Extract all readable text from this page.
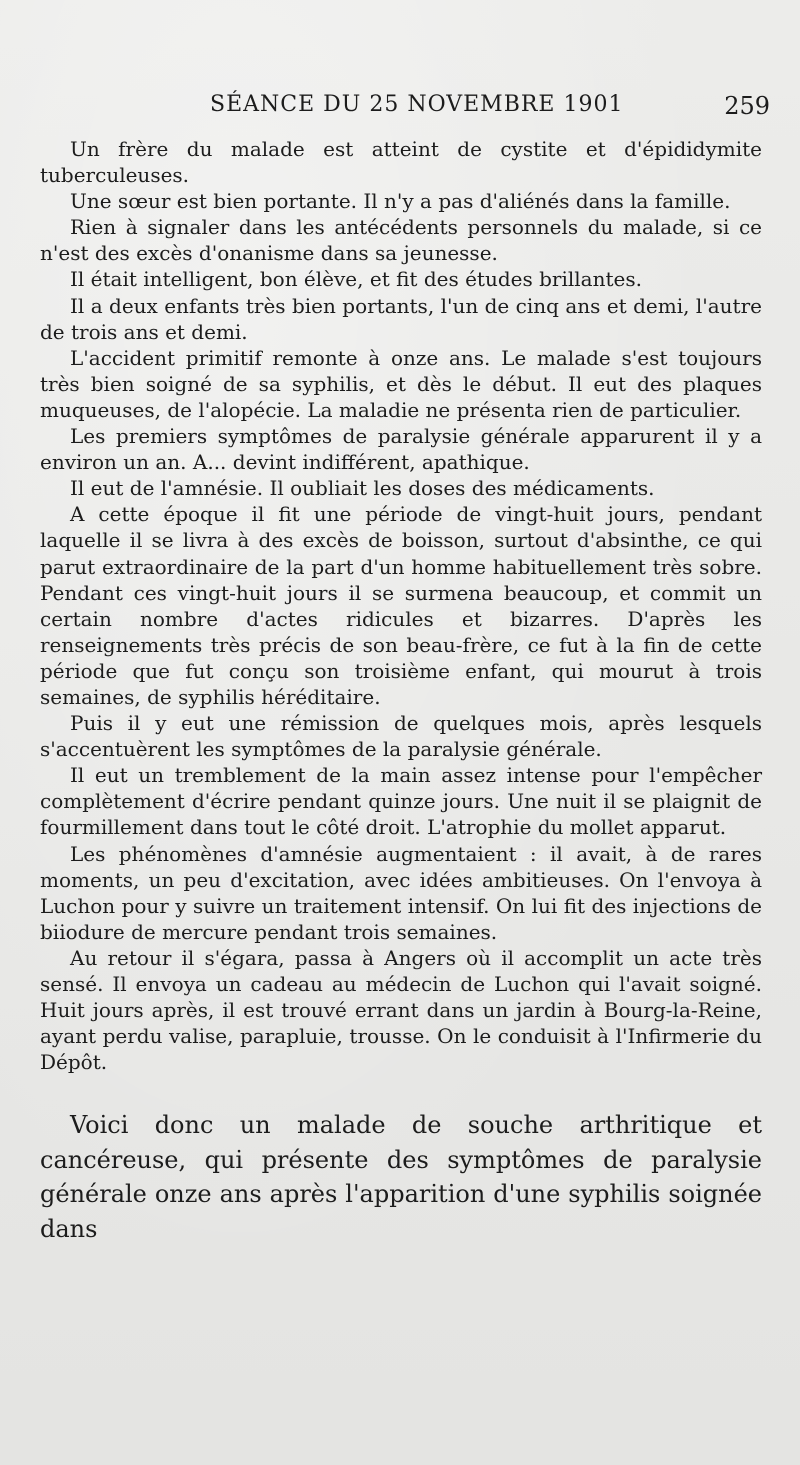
SÉANCE DU 25 NOVEMBRE 1901	259

Un frère du malade est atteint de cystite et d'épididymite tuberculeuses.

Une sœur est bien portante. Il n'y a pas d'aliénés dans la famille.

Rien à signaler dans les antécédents personnels du malade, si ce n'est des excès d'onanisme dans sa jeunesse.

Il était intelligent, bon élève, et fit des études brillantes.

Il a deux enfants très bien portants, l'un de cinq ans et demi, l'autre de trois ans et demi.

L'accident primitif remonte à onze ans. Le malade s'est toujours très bien soigné de sa syphilis, et dès le début. Il eut des plaques muqueuses, de l'alopécie. La maladie ne présenta rien de particulier.

Les premiers symptômes de paralysie générale apparurent il y a environ un an. A... devint indifférent, apathique.

Il eut de l'amnésie. Il oubliait les doses des médicaments.

A cette époque il fit une période de vingt-huit jours, pendant laquelle il se livra à des excès de boisson, surtout d'absinthe, ce qui parut extraordinaire de la part d'un homme habituellement très sobre. Pendant ces vingt-huit jours il se surmena beaucoup, et commit un certain nombre d'actes ridicules et bizarres. D'après les renseignements très précis de son beau-frère, ce fut à la fin de cette période que fut conçu son troisième enfant, qui mourut à trois semaines, de syphilis héréditaire.

Puis il y eut une rémission de quelques mois, après lesquels s'accentuèrent les symptômes de la paralysie générale.

Il eut un tremblement de la main assez intense pour l'empêcher complètement d'écrire pendant quinze jours. Une nuit il se plaignit de fourmillement dans tout le côté droit. L'atrophie du mollet apparut.

Les phénomènes d'amnésie augmentaient : il avait, à de rares moments, un peu d'excitation, avec idées ambitieuses. On l'envoya à Luchon pour y suivre un traitement intensif. On lui fit des injections de biiodure de mercure pendant trois semaines.

Au retour il s'égara, passa à Angers où il accomplit un acte très sensé. Il envoya un cadeau au médecin de Luchon qui l'avait soigné. Huit jours après, il est trouvé errant dans un jardin à Bourg-la-Reine, ayant perdu valise, parapluie, trousse. On le conduisit à l'Infirmerie du Dépôt.

Voici donc un malade de souche arthritique et cancéreuse, qui présente des symptômes de paralysie générale onze ans après l'apparition d'une syphilis soignée dans
